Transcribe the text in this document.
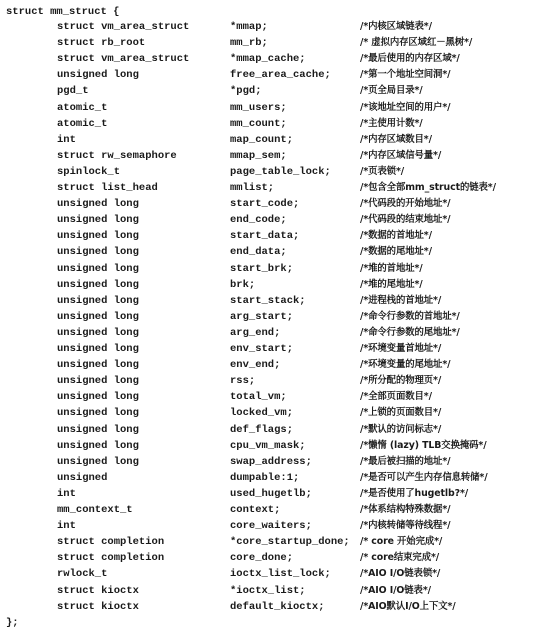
struct mm_struct {
struct vm_area_struct	*mmap;	/*内核区域链表*/
struct rb_root	mm_rb;	/* 虚拟内存区域红－黑树*/
struct vm_area_struct	*mmap_cache;	/*最后使用的内存区域*/
unsigned long	free_area_cache;	/*第一个地址空间洞*/
pgd_t	*pgd;	/*页全局目录*/
atomic_t	mm_users;	/*该地址空间的用户*/
atomic_t	mm_count;	/*主使用计数*/
int	map_count;	/*内存区域数目*/
struct rw_semaphore	mmap_sem;	/*内存区域信号量*/
spinlock_t	page_table_lock;	/*页表锁*/
struct list_head	mmlist;	/*包含全部mm_struct的链表*/
unsigned long	start_code;	/*代码段的开始地址*/
unsigned long	end_code;	/*代码段的结束地址*/
unsigned long	start_data;	/*数据的首地址*/
unsigned long	end_data;	/*数据的尾地址*/
unsigned long	start_brk;	/*堆的首地址*/
unsigned long	brk;	/*堆的尾地址*/
unsigned long	start_stack;	/*进程栈的首地址*/
unsigned long	arg_start;	/*命令行参数的首地址*/
unsigned long	arg_end;	/*命令行参数的尾地址*/
unsigned long	env_start;	/*环境变量首地址*/
unsigned long	env_end;	/*环境变量的尾地址*/
unsigned long	rss;	/*所分配的物理页*/
unsigned long	total_vm;	/*全部页面数目*/
unsigned long	locked_vm;	/*上锁的页面数目*/
unsigned long	def_flags;	/*默认的访问标志*/
unsigned long	cpu_vm_mask;	/*懒惰 (lazy) TLB交换掩码*/
unsigned long	swap_address;	/*最后被扫描的地址*/
unsigned	dumpable:1;	/*是否可以产生内存信息转储*/
int	used_hugetlb;	/*是否使用了hugetlb?*/
mm_context_t	context;	/*体系结构特殊数据*/
int	core_waiters;	/*内核转储等待线程*/
struct completion	*core_startup_done; /* core 开始完成*/
struct completion	core_done;	/* core结束完成*/
rwlock_t	ioctx_list_lock;	/*AIO I/O链表锁*/
struct kioctx	*ioctx_list;	/*AIO I/O链表*/
struct kioctx	default_kioctx;	/*AIO默认I/O上下文*/
};
